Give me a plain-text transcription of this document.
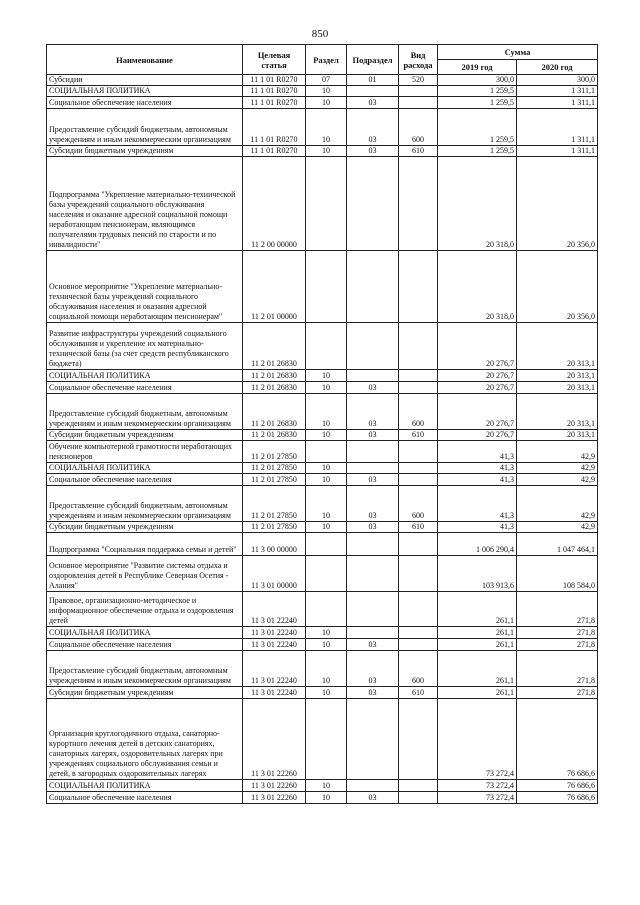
850
Наименование	Целевая статья	Раздел	Подраздел	Вид расхода	Сумма	
					2019 год	2020 год
Субсидии	11 1 01 R0270	07	01	520	300,0	300,0
СОЦИАЛЬНАЯ ПОЛИТИКА	11 1 01 R0270	10			1 259,5	1 311,1
Социальное обеспечение населения	11 1 01 R0270	10	03		1 259,5	1 311,1
Предоставление субсидий бюджетным, автономным учреждениям и иным некоммерческим организациям	11 1 01 R0270	10	03	600	1 259,5	1 311,1
Субсидии бюджетным учреждениям	11 1 01 R0270	10	03	610	1 259,5	1 311,1
Подпрограмма "Укрепление материально-технической базы учреждений социального обслуживания населения и оказание адресной социальной помощи неработающим пенсионерам, являющимся получателями трудовых пенсий по старости и по инвалидности"	11 2 00 00000				20 318,0	20 356,0
Основное мероприятие "Укрепление материально-технической базы учреждений социального обслуживания населения и оказания адресной социальной помощи неработающим пенсионерам"	11 2 01 00000				20 318,0	20 356,0
Развитие инфраструктуры учреждений социального обслуживания и укрепление их материально-технической базы (за счет средств республиканского бюджета)	11 2 01 26830				20 276,7	20 313,1
СОЦИАЛЬНАЯ ПОЛИТИКА	11 2 01 26830	10			20 276,7	20 313,1
Социальное обеспечение населения	11 2 01 26830	10	03		20 276,7	20 313,1
Предоставление субсидий бюджетным, автономным учреждениям и иным некоммерческим организациям	11 2 01 26830	10	03	600	20 276,7	20 313,1
Субсидии бюджетным учреждениям	11 2 01 26830	10	03	610	20 276,7	20 313,1
Обучение компьютерной грамотности неработающих пенсионеров	11 2 01 27850				41,3	42,9
СОЦИАЛЬНАЯ ПОЛИТИКА	11 2 01 27850	10			41,3	42,9
Социальное обеспечение населения	11 2 01 27850	10	03		41,3	42,9
Предоставление субсидий бюджетным, автономным учреждениям и иным некоммерческим организациям	11 2 01 27850	10	03	600	41,3	42,9
Субсидии бюджетным учреждениям	11 2 01 27850	10	03	610	41,3	42,9
Подпрограмма "Социальная поддержка семьи и детей"	11 3 00 00000				1 006 290,4	1 047 464,1
Основное мероприятие "Развитие системы отдыха и оздоровления детей в Республике Северная Осетия - Алания"	11 3 01 00000				103 913,6	108 584,0
Правовое, организационно-методическое и информационное обеспечение отдыха и оздоровления детей	11 3 01 22240				261,1	271,8
СОЦИАЛЬНАЯ ПОЛИТИКА	11 3 01 22240	10			261,1	271,8
Социальное обеспечение населения	11 3 01 22240	10	03		261,1	271,8
Предоставление субсидий бюджетным, автономным учреждениям и иным некоммерческим организациям	11 3 01 22240	10	03	600	261,1	271,8
Субсидии бюджетным учреждениям	11 3 01 22240	10	03	610	261,1	271,8
Организация круглогодичного отдыха, санаторно-курортного лечения детей в детских санаториях, санаторных лагерях, оздоровительных лагерях при учреждениях социального обслуживания семьи и детей, в загородных оздоровительных лагерях	11 3 01 22260				73 272,4	76 686,6
СОЦИАЛЬНАЯ ПОЛИТИКА	11 3 01 22260	10			73 272,4	76 686,6
Социальное обеспечение населения	11 3 01 22260	10	03		73 272,4	76 686,6
